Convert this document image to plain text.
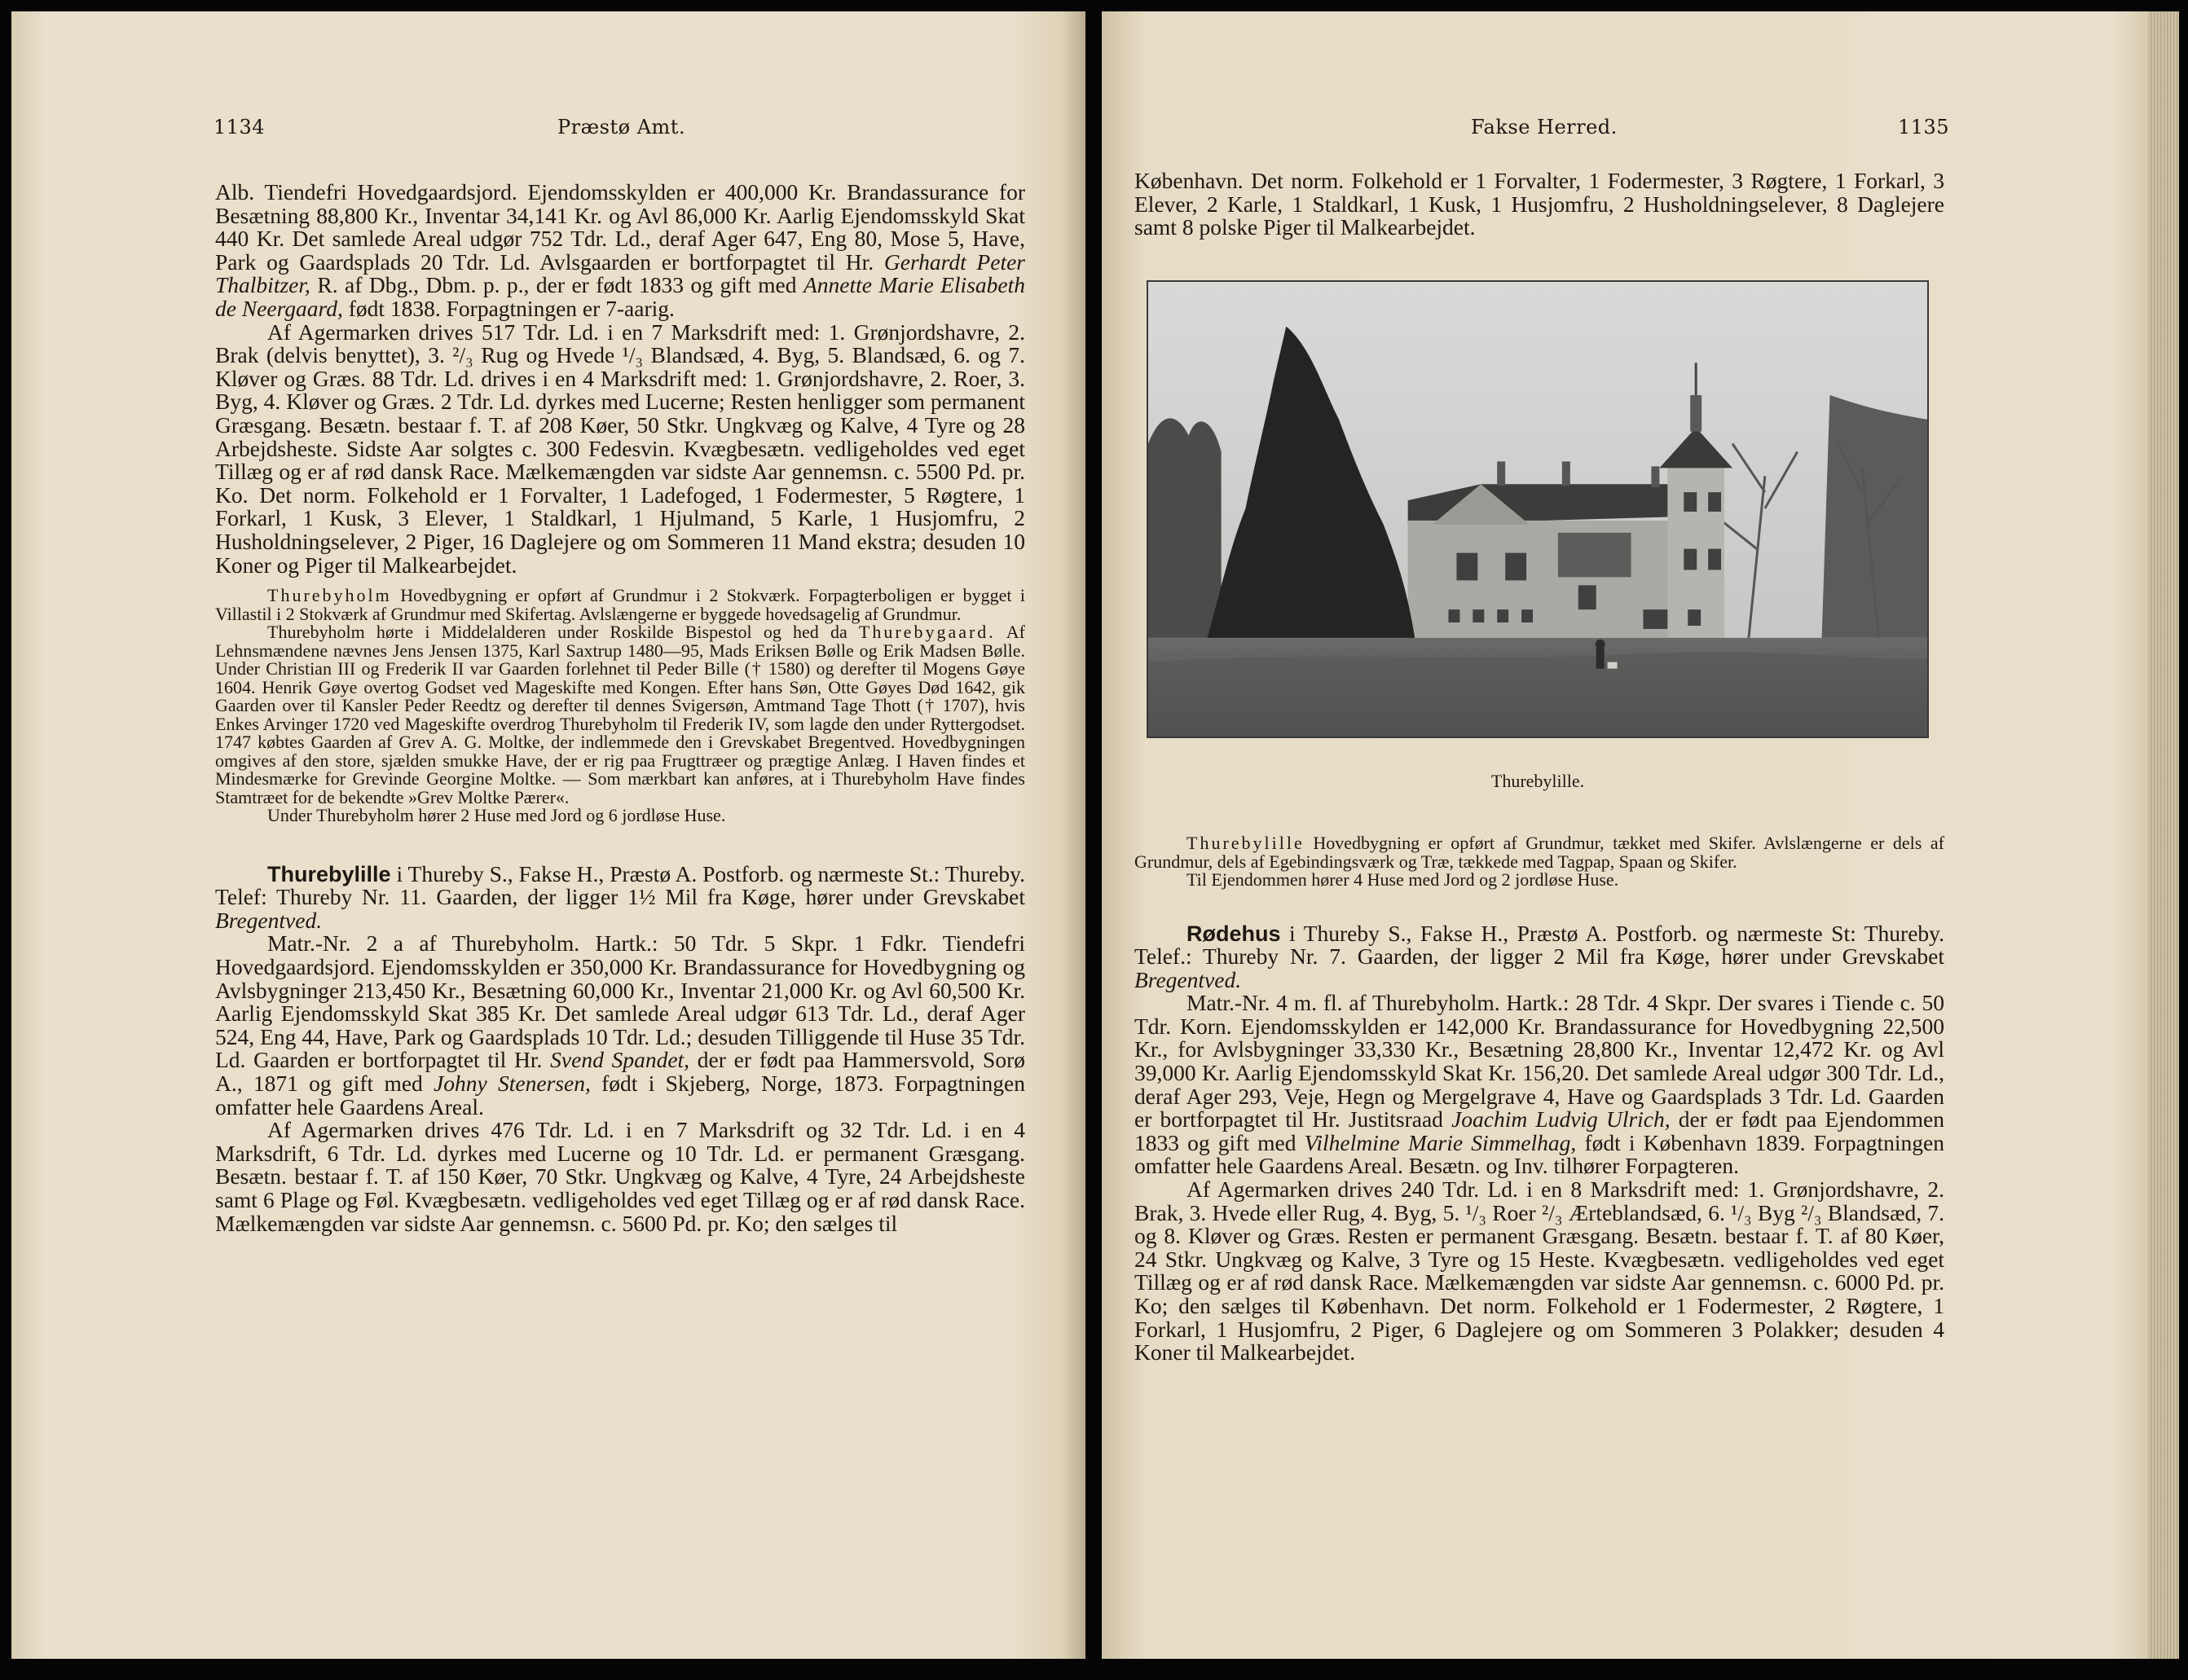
1134	Præstø Amt.

Alb. Tiendefri Hovedgaardsjord. Ejendomsskylden er 400,000 Kr. Brandassurance for Besætning 88,800 Kr., Inventar 34,141 Kr. og Avl 86,000 Kr. Aarlig Ejendomsskyld Skat 440 Kr. Det samlede Areal udgør 752 Tdr. Ld., deraf Ager 647, Eng 80, Mose 5, Have, Park og Gaardsplads 20 Tdr. Ld. Avlsgaarden er bortforpagtet til Hr. Gerhardt Peter Thalbitzer, R. af Dbg., Dbm. p. p., der er født 1833 og gift med Annette Marie Elisabeth de Neergaard, født 1838. Forpagtningen er 7-aarig.

Af Agermarken drives 517 Tdr. Ld. i en 7 Marksdrift med: 1. Grønjordshavre, 2. Brak (delvis benyttet), 3. ²/₃ Rug og Hvede ¹/₃ Blandsæd, 4. Byg, 5. Blandsæd, 6. og 7. Kløver og Græs. 88 Tdr. Ld. drives i en 4 Marksdrift med: 1. Grønjordshavre, 2. Roer, 3. Byg, 4. Kløver og Græs. 2 Tdr. Ld. dyrkes med Lucerne; Resten henligger som permanent Græsgang. Besætn. bestaar f. T. af 208 Køer, 50 Stkr. Ungkvæg og Kalve, 4 Tyre og 28 Arbejdsheste. Sidste Aar solgtes c. 300 Fedesvin. Kvægbesætn. vedligeholdes ved eget Tillæg og er af rød dansk Race. Mælkemængden var sidste Aar gennemsn. c. 5500 Pd. pr. Ko. Det norm. Folkehold er 1 Forvalter, 1 Ladefoged, 1 Fodermester, 5 Røgtere, 1 Forkarl, 1 Kusk, 3 Elever, 1 Staldkarl, 1 Hjulmand, 5 Karle, 1 Husjomfru, 2 Husholdningselever, 2 Piger, 16 Daglejere og om Sommeren 11 Mand ekstra; desuden 10 Koner og Piger til Malkearbejdet.

Thurebyholm Hovedbygning er opført af Grundmur i 2 Stokværk. Forpagterboligen er bygget i Villastil i 2 Stokværk af Grundmur med Skifertag. Avlslængerne er byggede hovedsagelig af Grundmur.

Thurebyholm hørte i Middelalderen under Roskilde Bispestol og hed da Thurebygaard. Af Lehnsmændene nævnes Jens Jensen 1375, Karl Saxtrup 1480—95, Mads Eriksen Bølle og Erik Madsen Bølle. Under Christian III og Frederik II var Gaarden forlehnet til Peder Bille († 1580) og derefter til Mogens Gøye 1604. Henrik Gøye overtog Godset ved Mageskifte med Kongen. Efter hans Søn, Otte Gøyes Død 1642, gik Gaarden over til Kansler Peder Reedtz og derefter til dennes Svigersøn, Amtmand Tage Thott († 1707), hvis Enkes Arvinger 1720 ved Mageskifte overdrog Thurebyholm til Frederik IV, som lagde den under Ryttergodset. 1747 købtes Gaarden af Grev A. G. Moltke, der indlemmede den i Grevskabet Bregentved. Hovedbygningen omgives af den store, sjælden smukke Have, der er rig paa Frugttræer og prægtige Anlæg. I Haven findes et Mindesmærke for Grevinde Georgine Moltke. — Som mærkbart kan anføres, at i Thurebyholm Have findes Stamtræet for de bekendte »Grev Moltke Pærer«.

Under Thurebyholm hører 2 Huse med Jord og 6 jordløse Huse.

Thurebylille i Thureby S., Fakse H., Præstø A. Postforb. og nærmeste St.: Thureby. Telef: Thureby Nr. 11. Gaarden, der ligger 1½ Mil fra Køge, hører under Grevskabet Bregentved.

Matr.-Nr. 2 a af Thurebyholm. Hartk.: 50 Tdr. 5 Skpr. 1 Fdkr. Tiendefri Hovedgaardsjord. Ejendomsskylden er 350,000 Kr. Brandassurance for Hovedbygning og Avlsbygninger 213,450 Kr., Besætning 60,000 Kr., Inventar 21,000 Kr. og Avl 60,500 Kr. Aarlig Ejendomsskyld Skat 385 Kr. Det samlede Areal udgør 613 Tdr. Ld., deraf Ager 524, Eng 44, Have, Park og Gaardsplads 10 Tdr. Ld.; desuden Tilliggende til Huse 35 Tdr. Ld. Gaarden er bortforpagtet til Hr. Svend Spandet, der er født paa Hammersvold, Sorø A., 1871 og gift med Johny Stenersen, født i Skjeberg, Norge, 1873. Forpagtningen omfatter hele Gaardens Areal.

Af Agermarken drives 476 Tdr. Ld. i en 7 Marksdrift og 32 Tdr. Ld. i en 4 Marksdrift, 6 Tdr. Ld. dyrkes med Lucerne og 10 Tdr. Ld. er permanent Græsgang. Besætn. bestaar f. T. af 150 Køer, 70 Stkr. Ungkvæg og Kalve, 4 Tyre, 24 Arbejdsheste samt 6 Plage og Føl. Kvægbesætn. vedligeholdes ved eget Tillæg og er af rød dansk Race. Mælkemængden var sidste Aar gennemsn. c. 5600 Pd. pr. Ko; den sælges til

Fakse Herred.	1135

København. Det norm. Folkehold er 1 Forvalter, 1 Fodermester, 3 Røgtere, 1 Forkarl, 3 Elever, 2 Karle, 1 Staldkarl, 1 Kusk, 1 Husjomfru, 2 Husholdningselever, 8 Daglejere samt 8 polske Piger til Malkearbejdet.

Thurebylille.

Thurebylille Hovedbygning er opført af Grundmur, tækket med Skifer. Avlslængerne er dels af Grundmur, dels af Egebindingsværk og Træ, tækkede med Tagpap, Spaan og Skifer.

Til Ejendommen hører 4 Huse med Jord og 2 jordløse Huse.

Rødehus i Thureby S., Fakse H., Præstø A. Postforb. og nærmeste St: Thureby. Telef.: Thureby Nr. 7. Gaarden, der ligger 2 Mil fra Køge, hører under Grevskabet Bregentved.

Matr.-Nr. 4 m. fl. af Thurebyholm. Hartk.: 28 Tdr. 4 Skpr. Der svares i Tiende c. 50 Tdr. Korn. Ejendomsskylden er 142,000 Kr. Brandassurance for Hovedbygning 22,500 Kr., for Avlsbygninger 33,330 Kr., Besætning 28,800 Kr., Inventar 12,472 Kr. og Avl 39,000 Kr. Aarlig Ejendomsskyld Skat Kr. 156,20. Det samlede Areal udgør 300 Tdr. Ld., deraf Ager 293, Veje, Hegn og Mergelgrave 4, Have og Gaardsplads 3 Tdr. Ld. Gaarden er bortforpagtet til Hr. Justitsraad Joachim Ludvig Ulrich, der er født paa Ejendommen 1833 og gift med Vilhelmine Marie Simmelhag, født i København 1839. Forpagtningen omfatter hele Gaardens Areal. Besætn. og Inv. tilhører Forpagteren.

Af Agermarken drives 240 Tdr. Ld. i en 8 Marksdrift med: 1. Grønjordshavre, 2. Brak, 3. Hvede eller Rug, 4. Byg, 5. ¹/₃ Roer ²/₃ Ærteblandsæd, 6. ¹/₃ Byg ²/₃ Blandsæd, 7. og 8. Kløver og Græs. Resten er permanent Græsgang. Besætn. bestaar f. T. af 80 Køer, 24 Stkr. Ungkvæg og Kalve, 3 Tyre og 15 Heste. Kvægbesætn. vedligeholdes ved eget Tillæg og er af rød dansk Race. Mælkemængden var sidste Aar gennemsn. c. 6000 Pd. pr. Ko; den sælges til København. Det norm. Folkehold er 1 Fodermester, 2 Røgtere, 1 Forkarl, 1 Husjomfru, 2 Piger, 6 Daglejere og om Sommeren 3 Polakker; desuden 4 Koner til Malkearbejdet.
